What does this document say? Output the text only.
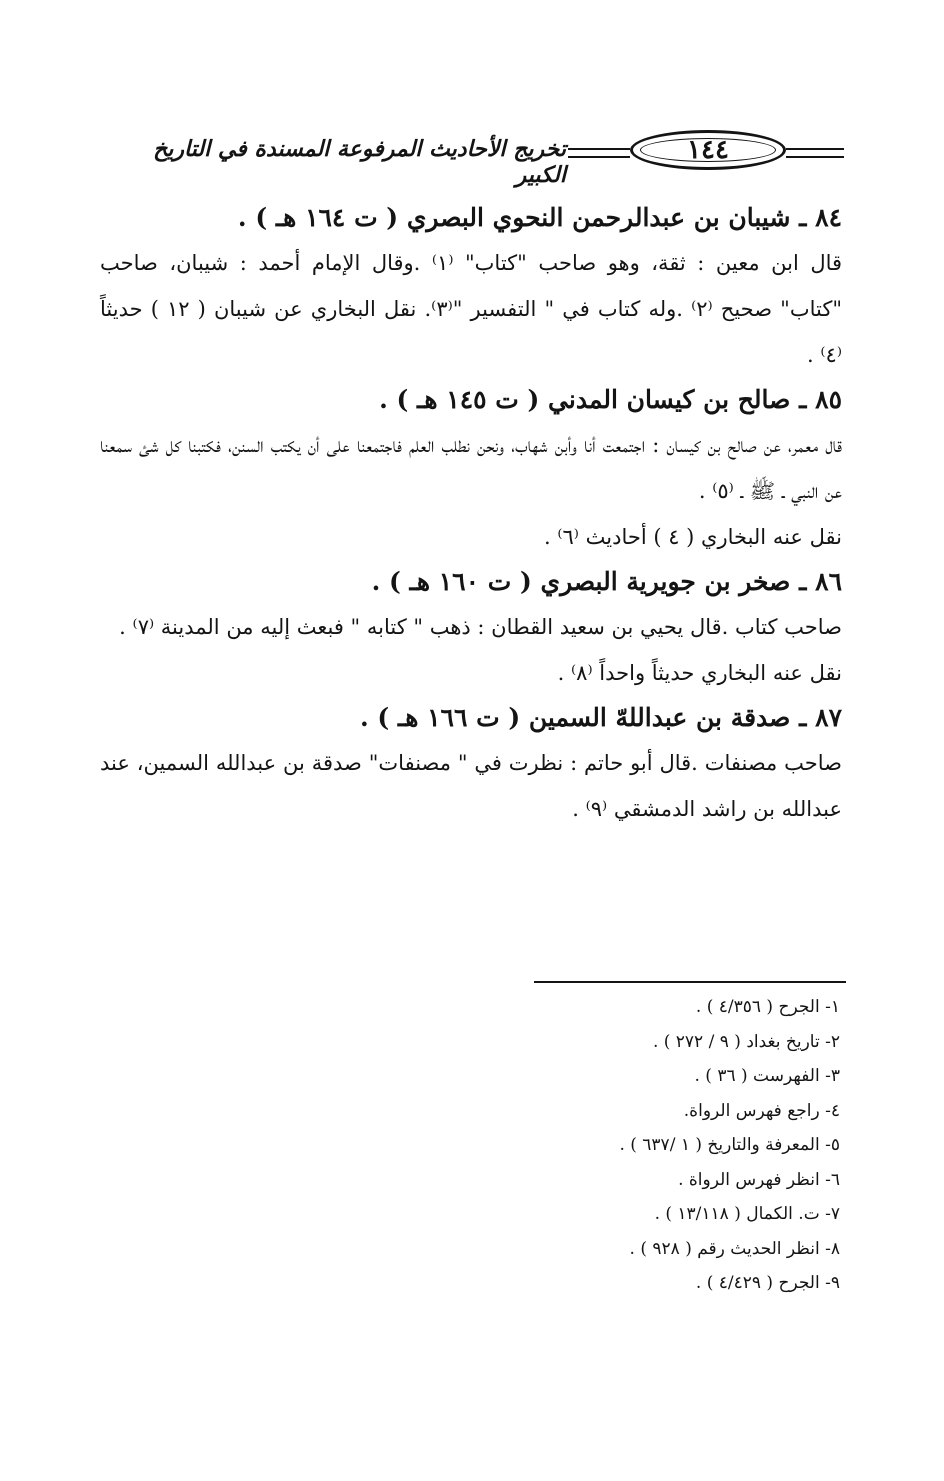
١٤٤
تخريج الأحاديث المرفوعة المسندة في التاريخ الكبير
٨٤ ـ شيبان بن عبدالرحمن النحوي البصري ( ت ١٦٤ هـ ) .

قال ابن معين : ثقة، وهو صاحب "كتاب" ⁽١⁾ .وقال الإمام أحمد : شيبان، صاحب "كتاب" صحيح ⁽٢⁾ .وله كتاب في " التفسير "⁽٣⁾. نقل البخاري عن شيبان ( ١٢ ) حديثاً ⁽٤⁾ .

٨٥ ـ صالح بن كيسان المدني ( ت ١٤٥ هـ ) .

قال معمر، عن صالح بن كيسان : اجتمعت أنا وأبن شهاب، ونحن نطلب العلم فاجتمعنا على أن يكتب السنن، فكتبنا كل شئ سمعنا عن النبي ـ ﷺ ـ ⁽٥⁾ .

نقل عنه البخاري ( ٤ ) أحاديث ⁽٦⁾ .

٨٦ ـ صخر بن جويرية البصري ( ت ١٦٠ هـ ) .

صاحب كتاب .قال يحيي بن سعيد القطان : ذهب " كتابه " فبعث إليه من المدينة ⁽٧⁾ .

نقل عنه البخاري حديثاً واحداً ⁽٨⁾ .

٨٧ ـ صدقة بن عبداللهّ السمين ( ت ١٦٦ هـ ) .

صاحب مصنفات .قال أبو حاتم : نظرت في " مصنفات" صدقة بن عبدالله السمين، عند عبدالله بن راشد الدمشقي ⁽٩⁾ .

١- الجرح ( ٤/٣٥٦ ) .
٢- تاريخ بغداد ( ٩ / ٢٧٢ ) .
٣- الفهرست ( ٣٦ ) .
٤- راجع فهرس الرواة.
٥- المعرفة والتاريخ ( ١ /٦٣٧ ) .
٦- انظر فهرس الرواة .
٧- ت. الكمال ( ١٣/١١٨ ) .
٨- انظر الحديث رقم ( ٩٢٨ ) .
٩- الجرح ( ٤/٤٢٩ ) .
